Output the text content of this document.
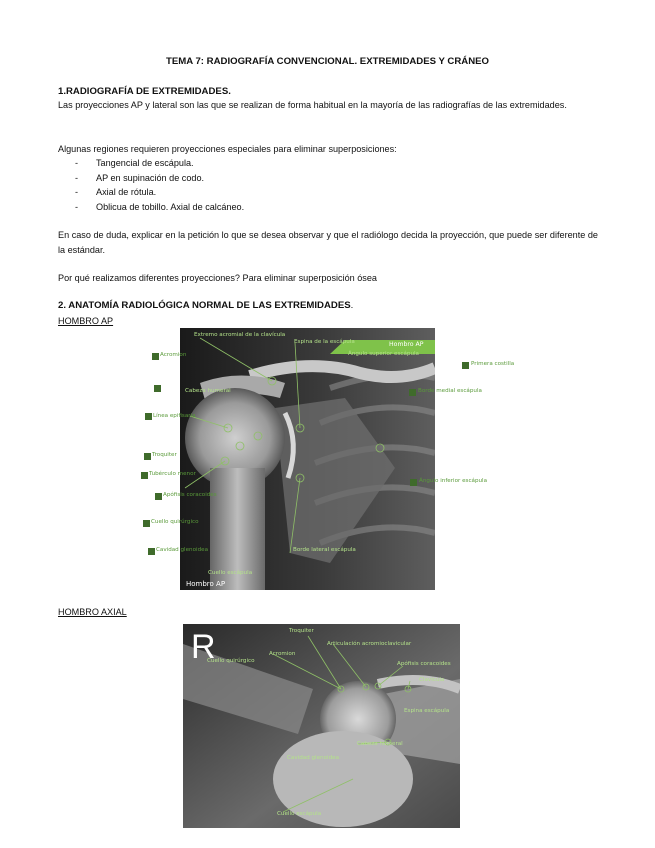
TEMA 7: RADIOGRAFÍA CONVENCIONAL. EXTREMIDADES Y CRÁNEO
1.RADIOGRAFÍA DE EXTREMIDADES.
Las proyecciones AP y lateral son las que se realizan de forma habitual en la mayoría de las radiografías de las extremidades.
Algunas regiones requieren proyecciones especiales para eliminar superposiciones:
- Tangencial de escápula.
- AP en supinación de codo.
- Axial de rótula.
- Oblicua de tobillo. Axial de calcáneo.
En caso de duda, explicar en la petición lo que se desea observar y que el radiólogo decida la proyección, que puede ser diferente de la estándar.
Por qué realizamos diferentes proyecciones? Para eliminar superposición ósea
2. ANATOMÍA RADIOLÓGICA NORMAL DE LAS EXTREMIDADES.
HOMBRO AP
Extremo acromial de la clavícula
Espina de la escápula
Ángulo superior escápula
Cabeza humeral
Hombro AP
Hombro AP
Borde lateral escápula
Cuello escápula
Acromion
Línea epifisaria
Troquiter
Tubérculo menor
Apófisis coracoides
Cuello quirúrgico
Cavidad glenoidea
Primera costilla
Borde medial escápula
Ángulo inferior escápula
HOMBRO AXIAL
R	Troquiter
Articulación acromioclavicular
Cuello quirúrgico
Acromion
Apófisis coracoides
Clavícula
Espina escápula
Cabeza humeral
Cavidad glenoidea
Cuello escápula
